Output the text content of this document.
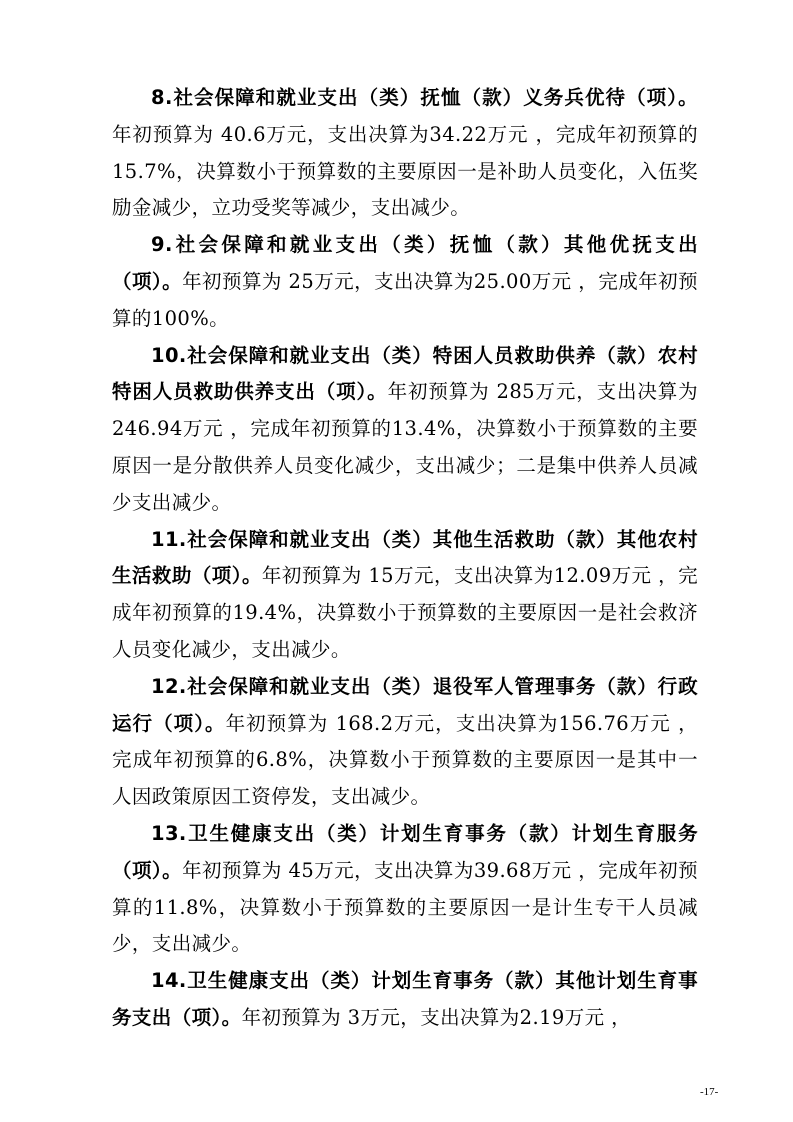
8.社会保障和就业支出（类）抚恤（款）义务兵优待（项）。年初预算为 40.6万元，支出决算为34.22万元 ，完成年初预算的15.7%，决算数小于预算数的主要原因一是补助人员变化，入伍奖励金减少，立功受奖等减少，支出减少。

9.社会保障和就业支出（类）抚恤（款）其他优抚支出（项）。年初预算为 25万元，支出决算为25.00万元 ，完成年初预算的100%。

10.社会保障和就业支出（类）特困人员救助供养（款）农村特困人员救助供养支出（项）。年初预算为 285万元，支出决算为246.94万元 ，完成年初预算的13.4%，决算数小于预算数的主要原因一是分散供养人员变化减少，支出减少；二是集中供养人员减少支出减少。

11.社会保障和就业支出（类）其他生活救助（款）其他农村生活救助（项）。年初预算为 15万元，支出决算为12.09万元 ，完成年初预算的19.4%，决算数小于预算数的主要原因一是社会救济人员变化减少，支出减少。

12.社会保障和就业支出（类）退役军人管理事务（款）行政运行（项）。年初预算为 168.2万元，支出决算为156.76万元 ，完成年初预算的6.8%，决算数小于预算数的主要原因一是其中一人因政策原因工资停发，支出减少。

13.卫生健康支出（类）计划生育事务（款）计划生育服务（项）。年初预算为 45万元，支出决算为39.68万元 ，完成年初预算的11.8%，决算数小于预算数的主要原因一是计生专干人员减少，支出减少。

14.卫生健康支出（类）计划生育事务（款）其他计划生育事务支出（项）。年初预算为 3万元，支出决算为2.19万元 ，

-17-
